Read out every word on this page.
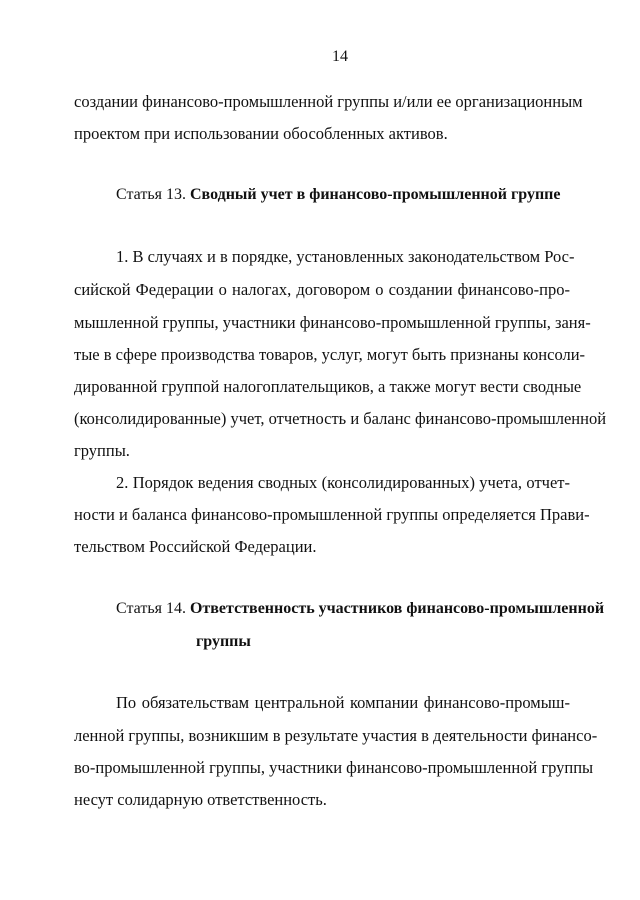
14
создании финансово-промышленной группы и/или ее организационным
проектом при использовании обособленных активов.
Статья 13. Сводный учет в финансово-промышленной группе
1. В случаях и в порядке, установленных законодательством Рос-
сийской Федерации о налогах, договором о создании финансово-про-
мышленной группы, участники финансово-промышленной группы, заня-
тые в сфере производства товаров, услуг, могут быть признаны консоли-
дированной группой налогоплательщиков, а также могут вести сводные
(консолидированные) учет, отчетность и баланс финансово-промышленной
группы.
2. Порядок ведения сводных (консолидированных) учета, отчет-
ности и баланса финансово-промышленной группы определяется Прави-
тельством Российской Федерации.
Статья 14. Ответственность участников финансово-промышленной
группы
По обязательствам центральной компании финансово-промыш-
ленной группы, возникшим в результате участия в деятельности финансо-
во-промышленной группы, участники финансово-промышленной группы
несут солидарную ответственность.
